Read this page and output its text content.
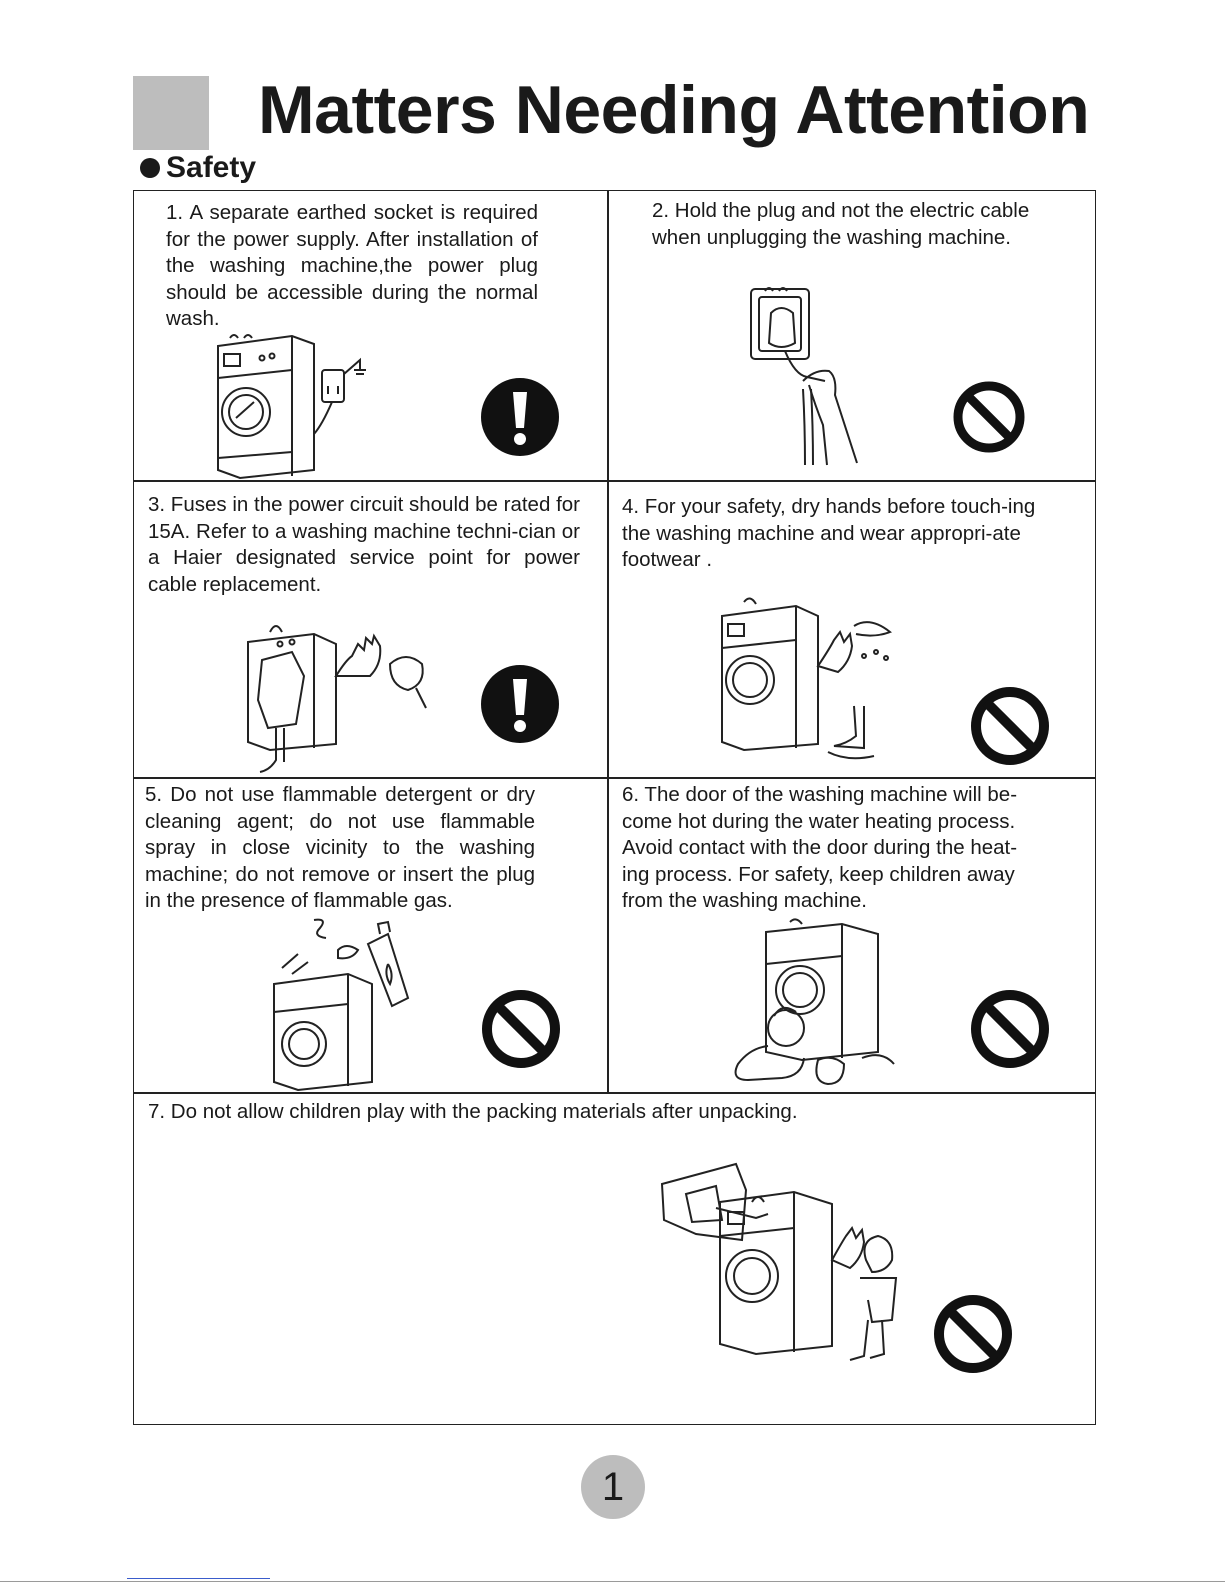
Matters Needing Attention
Safety

1. A separate earthed socket is required for the power supply. After installation of the washing machine,the power plug should be accessible during the normal wash.

2. Hold the plug and not the electric cable when unplugging the washing machine.

3. Fuses in the power circuit should be rated for 15A. Refer to a washing machine techni-cian or a Haier designated service point for power cable replacement.

4. For your safety, dry hands before touch-ing the washing machine and wear appropri-ate footwear .

5. Do not use flammable detergent or dry cleaning agent; do not use flammable spray in close vicinity to the washing machine; do not remove or insert the plug in the presence of flammable gas.

6. The door of the washing machine will be-come hot during the water heating process. Avoid contact with the door during the heat-ing process. For safety, keep children away from the washing machine.

7. Do not allow children play with the packing materials after unpacking.

1
